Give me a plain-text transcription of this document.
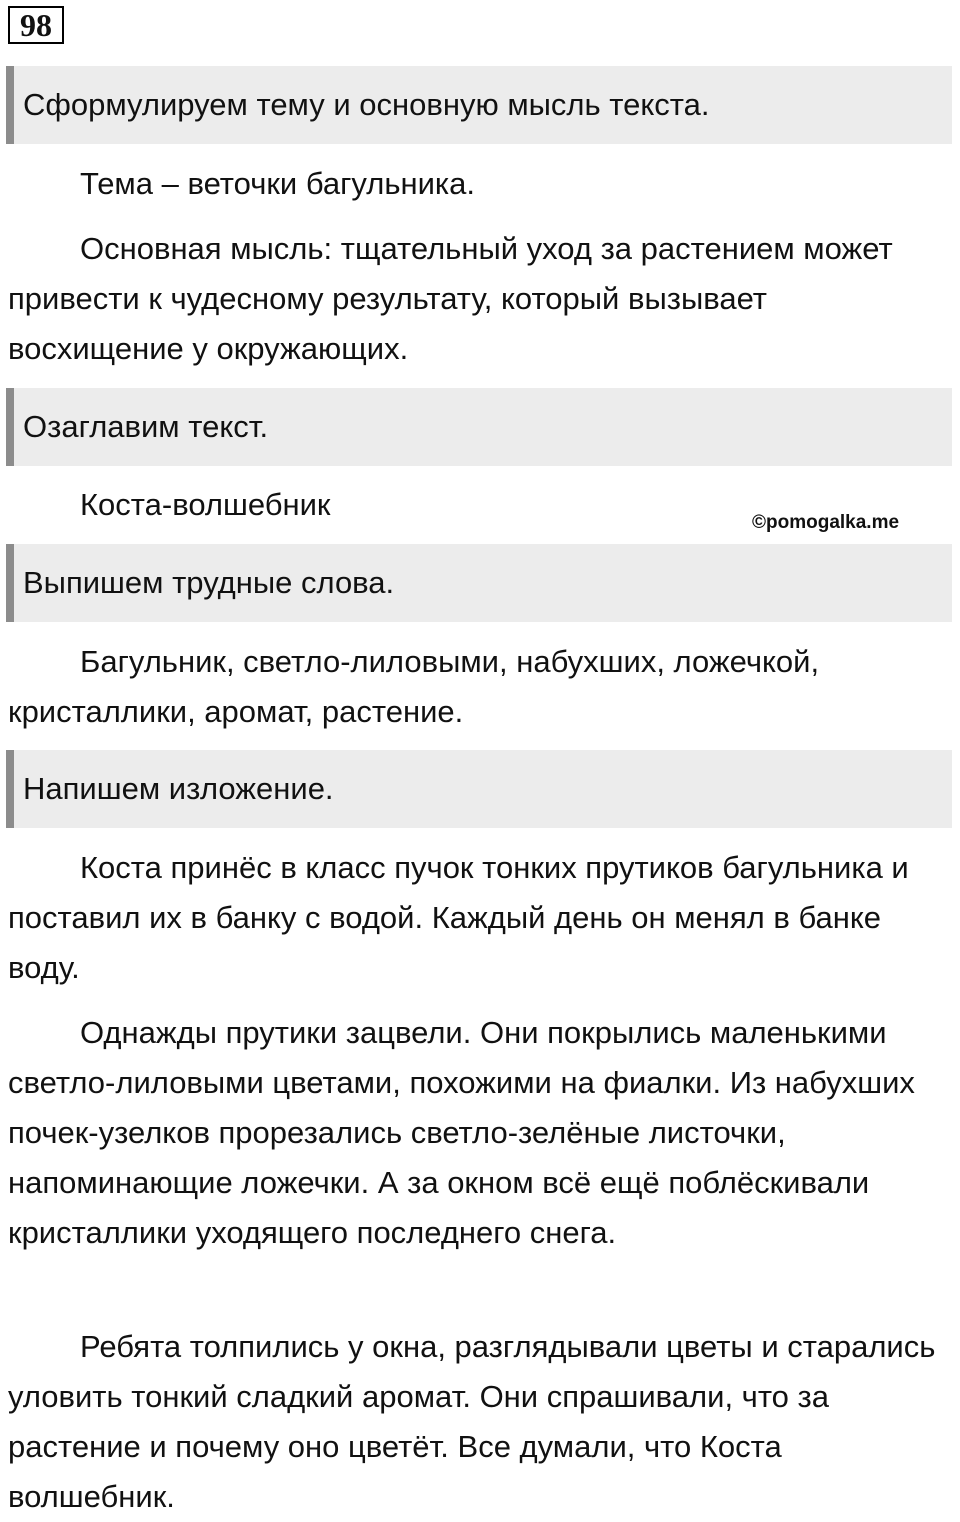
98
Сформулируем тему и основную мысль текста.

Тема – веточки багульника.

Основная мысль: тщательный уход за растением может привести к чудесному результату, который вызывает восхищение у окружающих.

Озаглавим текст.

Коста-волшебник

©pomogalka.me
Выпишем трудные слова.

Багульник, светло-лиловыми, набухших, ложечкой, кристаллики, аромат, растение.

Напишем изложение.

Коста принёс в класс пучок тонких прутиков багульника и поставил их в банку с водой. Каждый день он менял в банке воду.

Однажды прутики зацвели. Они покрылись маленькими светло-лиловыми цветами, похожими на фиалки. Из набухших почек-узелков прорезались светло-зелёные листочки, напоминающие ложечки. А за окном всё ещё поблёскивали кристаллики уходящего последнего снега.

Ребята толпились у окна, разглядывали цветы и старались уловить тонкий сладкий аромат. Они спрашивали, что за растение и почему оно цветёт. Все думали, что Коста волшебник.
